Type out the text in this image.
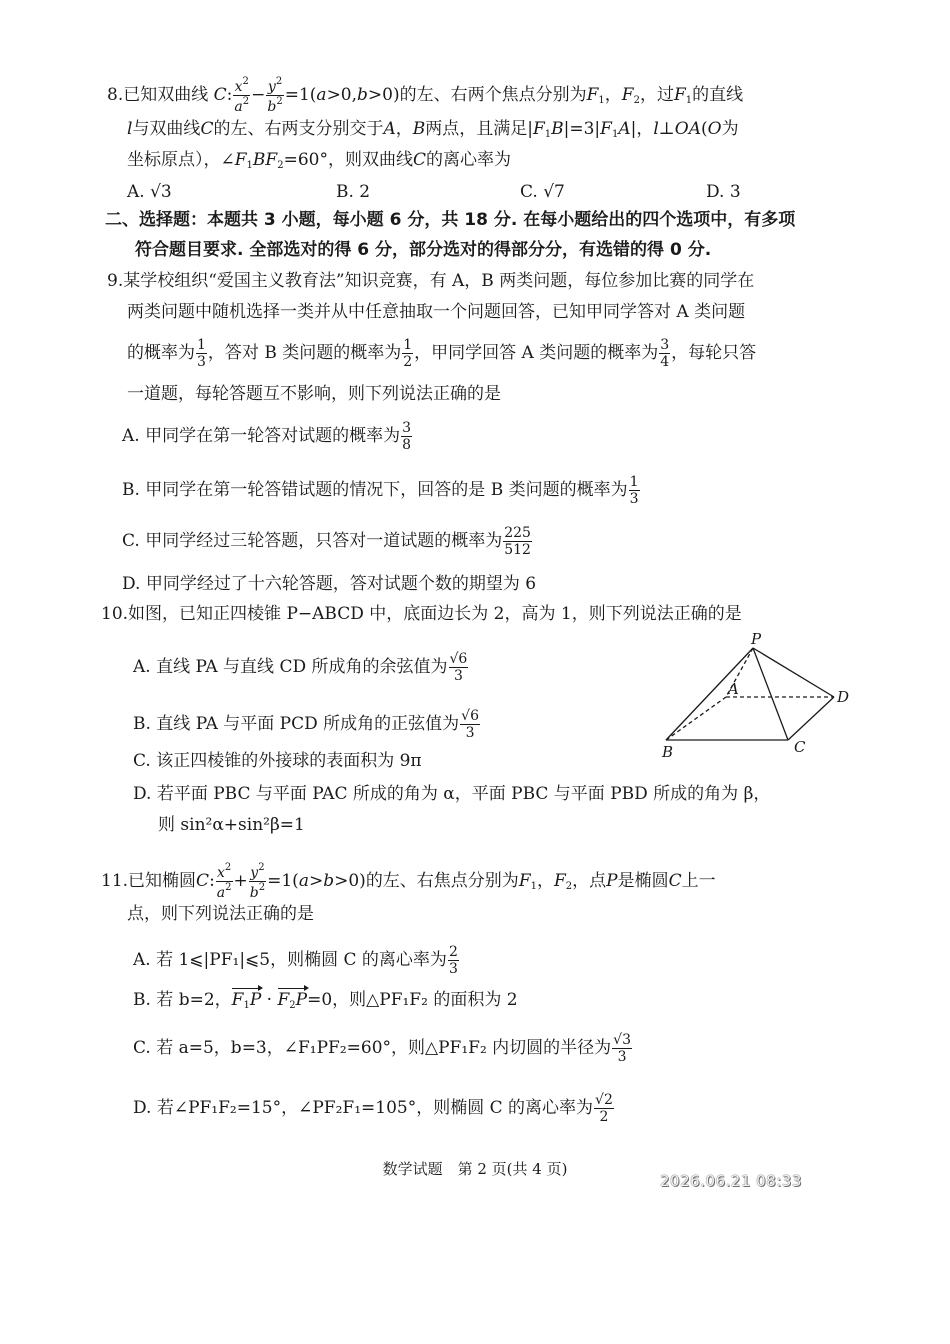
8.已知双曲线 C: $\frac{x^2}{a^2} - \frac{y^2}{b^2} =1(a>0,b>0)$的左、右两个焦点分别为$F_1$，$F_2$，过$F_1$的直线
l与双曲线C的左、右两支分别交于A，B两点，且满足$|F_1B|=3|F_1A|$，l⊥OA(O为
坐标原点），$\angle F_1BF_2=60^\circ$，则双曲线C的离心率为
A. √3	B. 2	C. √7	D. 3
二、选择题：本题共 3 小题，每小题 6 分，共 18 分. 在每小题给出的四个选项中，有多项
符合题目要求. 全部选对的得 6 分，部分选对的得部分分，有选错的得 0 分.
9.某学校组织“爱国主义教育法”知识竞赛，有 A，B 两类问题，每位参加比赛的同学在
两类问题中随机选择一类并从中任意抽取一个问题回答，已知甲同学答对 A 类问题
的概率为 $\frac{1}{3}$ ，答对 B 类问题的概率为 $\frac{1}{2}$ ，甲同学回答 A 类问题的概率为 $\frac{3}{4}$ ，每轮只答
一道题，每轮答题互不影响，则下列说法正确的是
A. 甲同学在第一轮答对试题的概率为 $\frac{3}{8}$
B. 甲同学在第一轮答错试题的情况下，回答的是 B 类问题的概率为 $\frac{1}{3}$
C. 甲同学经过三轮答题，只答对一道试题的概率为 $\frac{225}{512}$
D. 甲同学经过了十六轮答题，答对试题个数的期望为 6
10.如图，已知正四棱锥 P−ABCD 中，底面边长为 2，高为 1，则下列说法正确的是
A. 直线 PA 与直线 CD 所成角的余弦值为 $\frac{√6}{3}$
B. 直线 PA 与平面 PCD 所成角的正弦值为 $\frac{√6}{3}$
C. 该正四棱锥的外接球的表面积为 9π
D. 若平面 PBC 与平面 PAC 所成的角为 α，平面 PBC 与平面 PBD 所成的角为 β，
则 sin²α+sin²β=1
P
A
B	C
D
11.已知椭圆C: $\frac{x^2}{a^2} + \frac{y^2}{b^2} =1(a>b>0)$的左、右焦点分别为$F_1$，$F_2$，点P是椭圆C上一
点，则下列说法正确的是
A. 若 1⩽|PF₁|⩽5，则椭圆 C 的离心率为 $\frac{2}{3}$
B. 若 b=2，$F_1P \cdot F_2P=0$，则△PF₁F₂ 的面积为 2
C. 若 a=5，b=3，∠F₁PF₂=60°，则△PF₁F₂ 内切圆的半径为 $\frac{√3}{3}$
D. 若∠PF₁F₂=15°，∠PF₂F₁=105°，则椭圆 C 的离心率为 $\frac{√2}{2}$
数学试题　第 2 页(共 4 页)
2026.06.21 08:33
